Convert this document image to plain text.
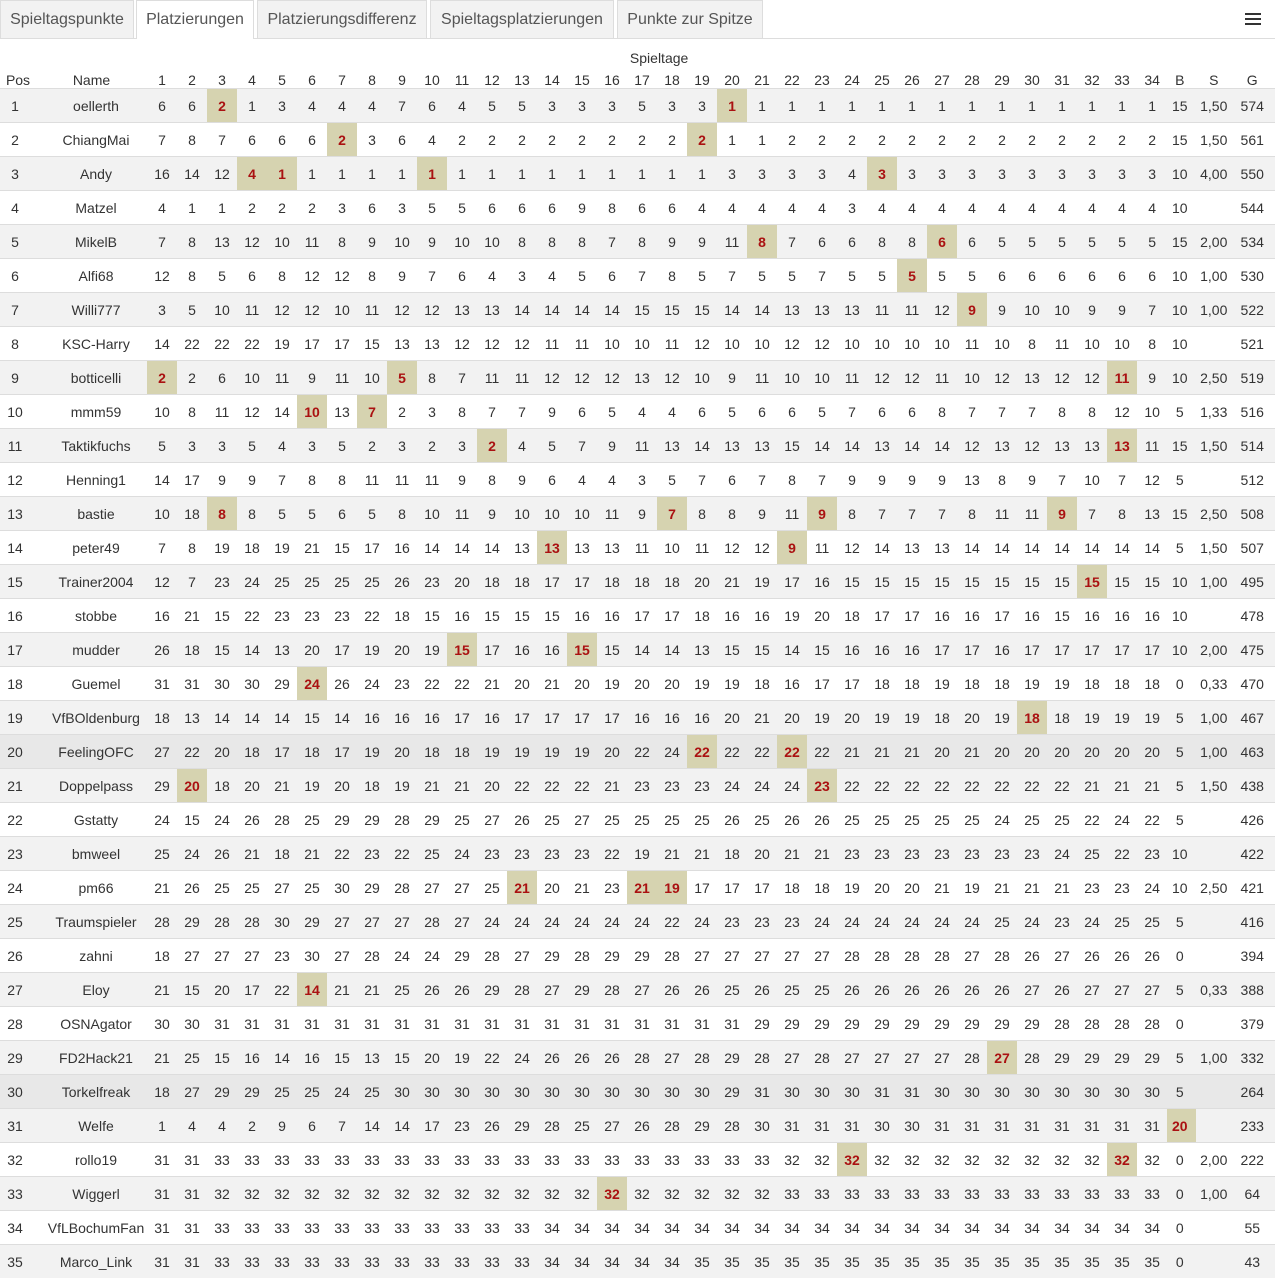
Spieltagspunkte	Platzierungen	Platzierungsdifferenz	Spieltagsplatzierungen	Punkte zur Spitze
		Spieltage																																				
Pos	Name	1	2	3	4	5	6	7	8	9	10	11	12	13	14	15	16	17	18	19	20	21	22	23	24	25	26	27	28	29	30	31	32	33	34	B	S	G
1	oellerth	6	6	2	1	3	4	4	4	7	6	4	5	5	3	3	3	5	3	3	1	1	1	1	1	1	1	1	1	1	1	1	1	1	1	15	1,50	574
2	ChiangMai	7	8	7	6	6	6	2	3	6	4	2	2	2	2	2	2	2	2	2	1	1	2	2	2	2	2	2	2	2	2	2	2	2	2	15	1,50	561
3	Andy	16	14	12	4	1	1	1	1	1	1	1	1	1	1	1	1	1	1	1	3	3	3	3	4	3	3	3	3	3	3	3	3	3	3	10	4,00	550
4	Matzel	4	1	1	2	2	2	3	6	3	5	5	6	6	6	9	8	6	6	4	4	4	4	4	3	4	4	4	4	4	4	4	4	4	4	10		544
5	MikelB	7	8	13	12	10	11	8	9	10	9	10	10	8	8	8	7	8	9	9	11	8	7	6	6	8	8	6	6	5	5	5	5	5	5	15	2,00	534
6	Alfi68	12	8	5	6	8	12	12	8	9	7	6	4	3	4	5	6	7	8	5	7	5	5	7	5	5	5	5	5	6	6	6	6	6	6	10	1,00	530
7	Willi777	3	5	10	11	12	12	10	11	12	12	13	13	14	14	14	14	15	15	15	14	14	13	13	13	11	11	12	9	9	10	10	9	9	7	10	1,00	522
8	KSC-Harry	14	22	22	22	19	17	17	15	13	13	12	12	12	11	11	10	10	11	12	10	10	12	12	10	10	10	10	11	10	8	11	10	10	8	10		521
9	botticelli	2	2	6	10	11	9	11	10	5	8	7	11	11	12	12	12	13	12	10	9	11	10	10	11	12	12	11	10	12	13	12	12	11	9	10	2,50	519
10	mmm59	10	8	11	12	14	10	13	7	2	3	8	7	7	9	6	5	4	4	6	5	6	6	5	7	6	6	8	7	7	7	8	8	12	10	5	1,33	516
11	Taktikfuchs	5	3	3	5	4	3	5	2	3	2	3	2	4	5	7	9	11	13	14	13	13	15	14	14	13	14	14	12	13	12	13	13	13	11	15	1,50	514
12	Henning1	14	17	9	9	7	8	8	11	11	11	9	8	9	6	4	4	3	5	7	6	7	8	7	9	9	9	9	13	8	9	7	10	7	12	5		512
13	bastie	10	18	8	8	5	5	6	5	8	10	11	9	10	10	10	11	9	7	8	8	9	11	9	8	7	7	7	8	11	11	9	7	8	13	15	2,50	508
14	peter49	7	8	19	18	19	21	15	17	16	14	14	14	13	13	13	13	11	10	11	12	12	9	11	12	14	13	13	14	14	14	14	14	14	14	5	1,50	507
15	Trainer2004	12	7	23	24	25	25	25	25	26	23	20	18	18	17	17	18	18	18	20	21	19	17	16	15	15	15	15	15	15	15	15	15	15	15	10	1,00	495
16	stobbe	16	21	15	22	23	23	23	22	18	15	16	15	15	15	16	16	17	17	18	16	16	19	20	18	17	17	16	16	17	16	15	16	16	16	10		478
17	mudder	26	18	15	14	13	20	17	19	20	19	15	17	16	16	15	15	14	14	13	15	15	14	15	16	16	16	17	17	16	17	17	17	17	17	10	2,00	475
18	Guemel	31	31	30	30	29	24	26	24	23	22	22	21	20	21	20	19	20	20	19	19	18	16	17	17	18	18	19	18	18	19	19	18	18	18	0	0,33	470
19	VfBOldenburg	18	13	14	14	14	15	14	16	16	16	17	16	17	17	17	17	16	16	16	20	21	20	19	20	19	19	18	20	19	18	18	19	19	19	5	1,00	467
20	FeelingOFC	27	22	20	18	17	18	17	19	20	18	18	19	19	19	19	20	22	24	22	22	22	22	22	21	21	21	20	21	20	20	20	20	20	20	5	1,00	463
21	Doppelpass	29	20	18	20	21	19	20	18	19	21	21	20	22	22	22	21	23	23	23	24	24	24	23	22	22	22	22	22	22	22	22	21	21	21	5	1,50	438
22	Gstatty	24	15	24	26	28	25	29	29	28	29	25	27	26	25	27	25	25	25	25	26	25	26	26	25	25	25	25	25	24	25	25	22	24	22	5		426
23	bmweel	25	24	26	21	18	21	22	23	22	25	24	23	23	23	23	22	19	21	21	18	20	21	21	23	23	23	23	23	23	23	24	25	22	23	10		422
24	pm66	21	26	25	25	27	25	30	29	28	27	27	25	21	20	21	23	21	19	17	17	17	18	18	19	20	20	21	19	21	21	21	23	23	24	10	2,50	421
25	Traumspieler	28	29	28	28	30	29	27	27	27	28	27	24	24	24	24	24	24	22	24	23	23	23	24	24	24	24	24	24	25	24	23	24	25	25	5		416
26	zahni	18	27	27	27	23	30	27	28	24	24	29	28	27	29	28	29	29	28	27	27	27	27	27	28	28	28	28	27	28	26	27	26	26	26	0		394
27	Eloy	21	15	20	17	22	14	21	21	25	26	26	29	28	27	29	28	27	26	26	25	26	25	25	26	26	26	26	26	26	27	26	27	27	27	5	0,33	388
28	OSNAgator	30	30	31	31	31	31	31	31	31	31	31	31	31	31	31	31	31	31	31	31	29	29	29	29	29	29	29	29	29	29	28	28	28	28	0		379
29	FD2Hack21	21	25	15	16	14	16	15	13	15	20	19	22	24	26	26	26	28	27	28	29	28	27	28	27	27	27	27	28	27	28	29	29	29	29	5	1,00	332
30	Torkelfreak	18	27	29	29	25	25	24	25	30	30	30	30	30	30	30	30	30	30	30	29	31	30	30	30	31	31	30	30	30	30	30	30	30	30	5		264
31	Welfe	1	4	4	2	9	6	7	14	14	17	23	26	29	28	25	27	26	28	29	28	30	31	31	31	30	30	31	31	31	31	31	31	31	31	20		233
32	rollo19	31	31	33	33	33	33	33	33	33	33	33	33	33	33	33	33	33	33	33	33	33	32	32	32	32	32	32	32	32	32	32	32	32	32	0	2,00	222
33	Wiggerl	31	31	32	32	32	32	32	32	32	32	32	32	32	32	32	32	32	32	32	32	32	33	33	33	33	33	33	33	33	33	33	33	33	33	0	1,00	64
34	VfLBochumFan	31	31	33	33	33	33	33	33	33	33	33	33	33	34	34	34	34	34	34	34	34	34	34	34	34	34	34	34	34	34	34	34	34	34	0		55
35	Marco_Link	31	31	33	33	33	33	33	33	33	33	33	33	33	34	34	34	34	34	35	35	35	35	35	35	35	35	35	35	35	35	35	35	35	35	0		43
